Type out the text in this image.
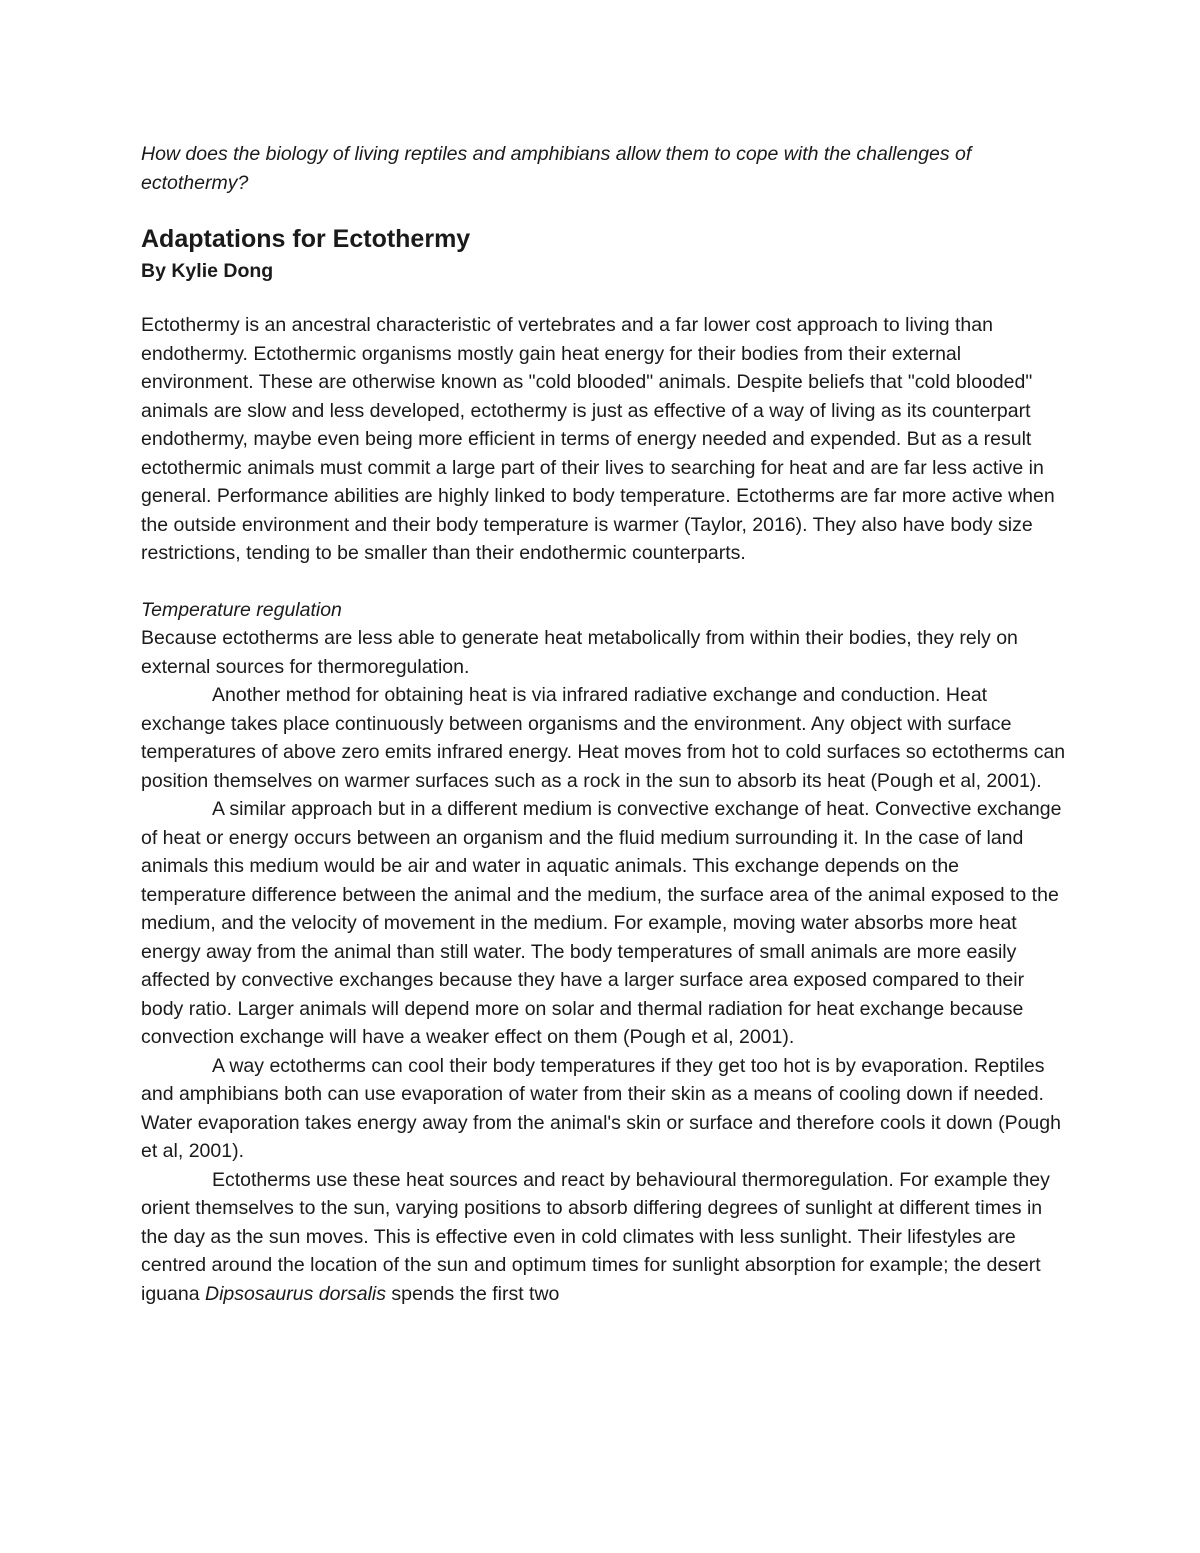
How does the biology of living reptiles and amphibians allow them to cope with the challenges of ectothermy?

Adaptations for Ectothermy
By Kylie Dong

Ectothermy is an ancestral characteristic of vertebrates and a far lower cost approach to living than endothermy. Ectothermic organisms mostly gain heat energy for their bodies from their external environment. These are otherwise known as "cold blooded" animals. Despite beliefs that "cold blooded" animals are slow and less developed, ectothermy is just as effective of a way of living as its counterpart endothermy, maybe even being more efficient in terms of energy needed and expended. But as a result ectothermic animals must commit a large part of their lives to searching for heat and are far less active in general. Performance abilities are highly linked to body temperature. Ectotherms are far more active when the outside environment and their body temperature is warmer (Taylor, 2016). They also have body size restrictions, tending to be smaller than their endothermic counterparts.

Temperature regulation

Because ectotherms are less able to generate heat metabolically from within their bodies, they rely on external sources for thermoregulation.

Another method for obtaining heat is via infrared radiative exchange and conduction. Heat exchange takes place continuously between organisms and the environment. Any object with surface temperatures of above zero emits infrared energy. Heat moves from hot to cold surfaces so ectotherms can position themselves on warmer surfaces such as a rock in the sun to absorb its heat (Pough et al, 2001).

A similar approach but in a different medium is convective exchange of heat. Convective exchange of heat or energy occurs between an organism and the fluid medium surrounding it. In the case of land animals this medium would be air and water in aquatic animals. This exchange depends on the temperature difference between the animal and the medium, the surface area of the animal exposed to the medium, and the velocity of movement in the medium. For example, moving water absorbs more heat energy away from the animal than still water. The body temperatures of small animals are more easily affected by convective exchanges because they have a larger surface area exposed compared to their body ratio. Larger animals will depend more on solar and thermal radiation for heat exchange because convection exchange will have a weaker effect on them (Pough et al, 2001).

A way ectotherms can cool their body temperatures if they get too hot is by evaporation. Reptiles and amphibians both can use evaporation of water from their skin as a means of cooling down if needed. Water evaporation takes energy away from the animal's skin or surface and therefore cools it down (Pough et al, 2001).

Ectotherms use these heat sources and react by behavioural thermoregulation. For example they orient themselves to the sun, varying positions to absorb differing degrees of sunlight at different times in the day as the sun moves. This is effective even in cold climates with less sunlight. Their lifestyles are centred around the location of the sun and optimum times for sunlight absorption for example; the desert iguana Dipsosaurus dorsalis spends the first two
